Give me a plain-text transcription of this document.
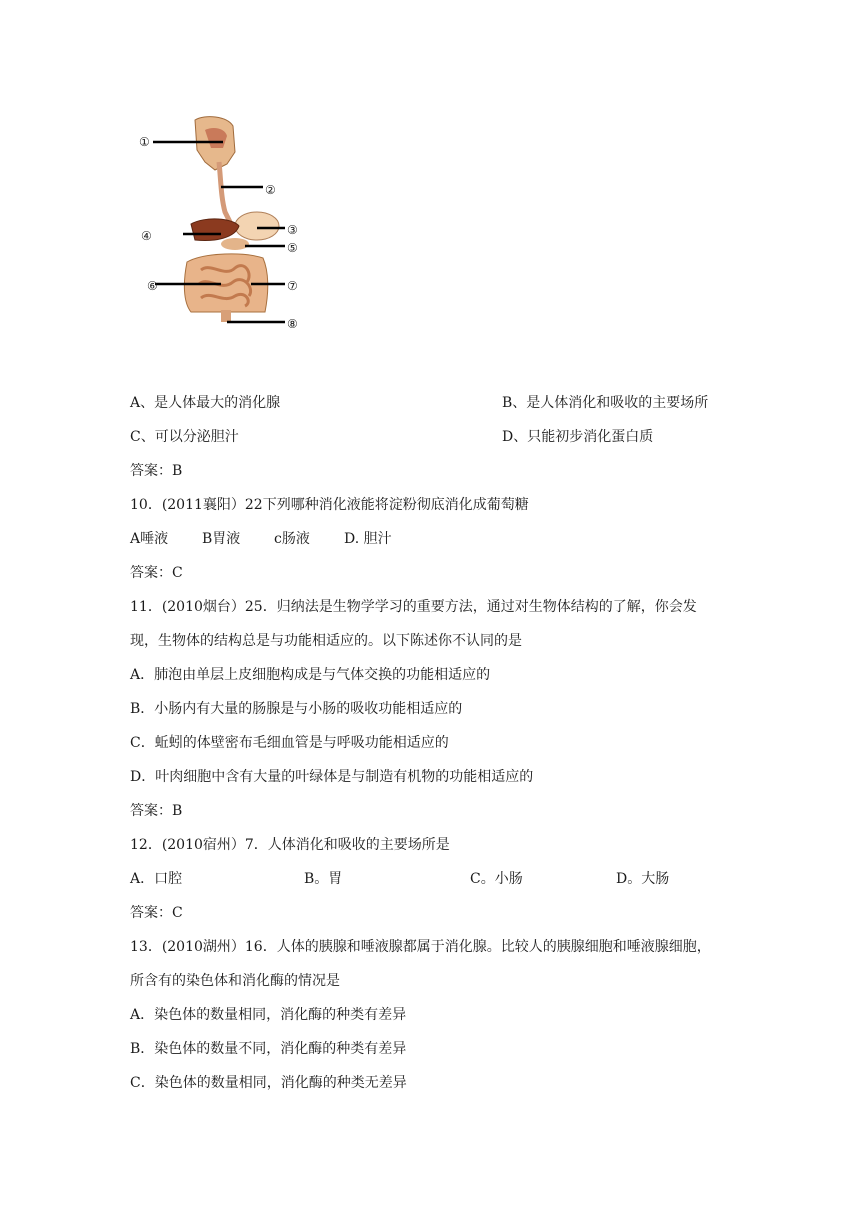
①
②
③
④
⑤
⑥	⑦
⑧
A、是人体最大的消化腺	B、是人体消化和吸收的主要场所
C、可以分泌胆汁	D、只能初步消化蛋白质
答案：B
10．(2011襄阳）22下列哪种消化液能将淀粉彻底消化成葡萄糖
A唾液 B胃液 c肠液 D. 胆汁
答案：C
11．(2010烟台）25．归纳法是生物学学习的重要方法，通过对生物体结构的了解，你会发
现，生物体的结构总是与功能相适应的。以下陈述你不认同的是
A．肺泡由单层上皮细胞构成是与气体交换的功能相适应的
B．小肠内有大量的肠腺是与小肠的吸收功能相适应的
C．蚯蚓的体壁密布毛细血管是与呼吸功能相适应的
D．叶肉细胞中含有大量的叶绿体是与制造有机物的功能相适应的
答案：B
12．(2010宿州）7．人体消化和吸收的主要场所是
A．口腔	B。胃	C。小肠	D。大肠
答案：C
13．(2010湖州）16．人体的胰腺和唾液腺都属于消化腺。比较人的胰腺细胞和唾液腺细胞，
所含有的染色体和消化酶的情况是
A．染色体的数量相同，消化酶的种类有差异
B．染色体的数量不同，消化酶的种类有差异
C．染色体的数量相同，消化酶的种类无差异
